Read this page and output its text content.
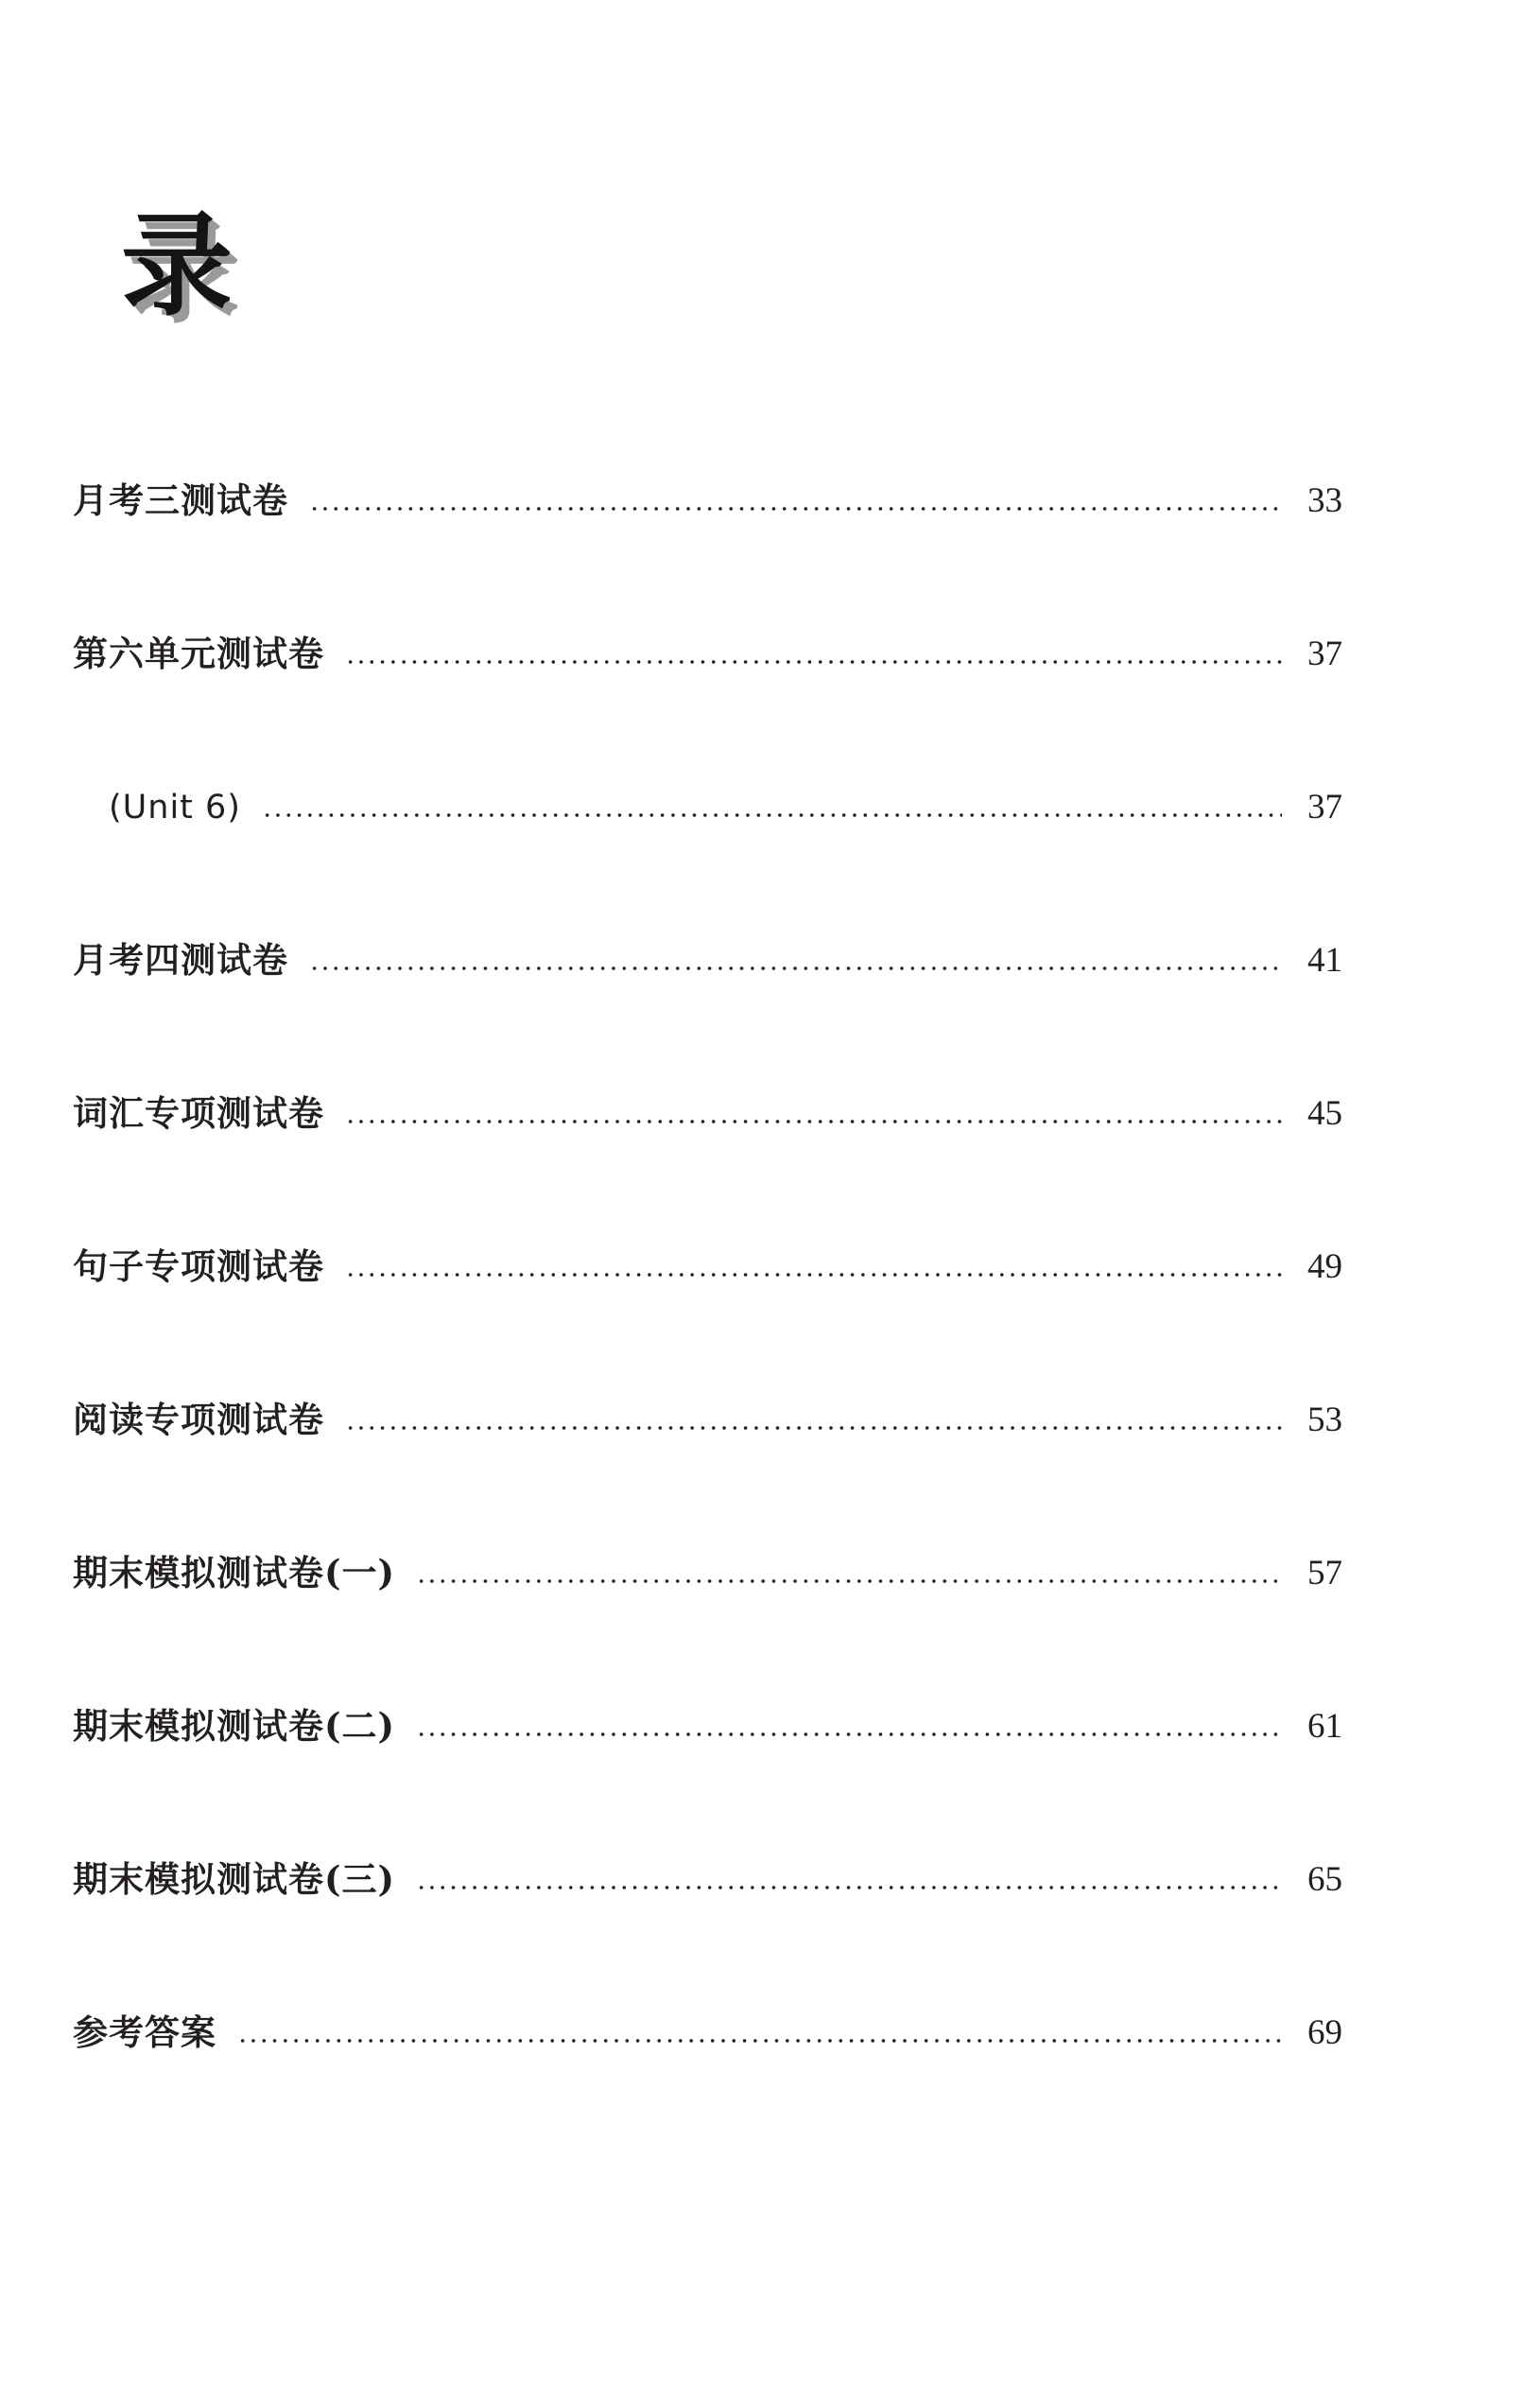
录
月考三测试卷	33
第六单元测试卷	37
(Unit 6)	37
月考四测试卷	41
词汇专项测试卷	45
句子专项测试卷	49
阅读专项测试卷	53
期末模拟测试卷(一)	57
期末模拟测试卷(二)	61
期末模拟测试卷(三)	65
参考答案	69
